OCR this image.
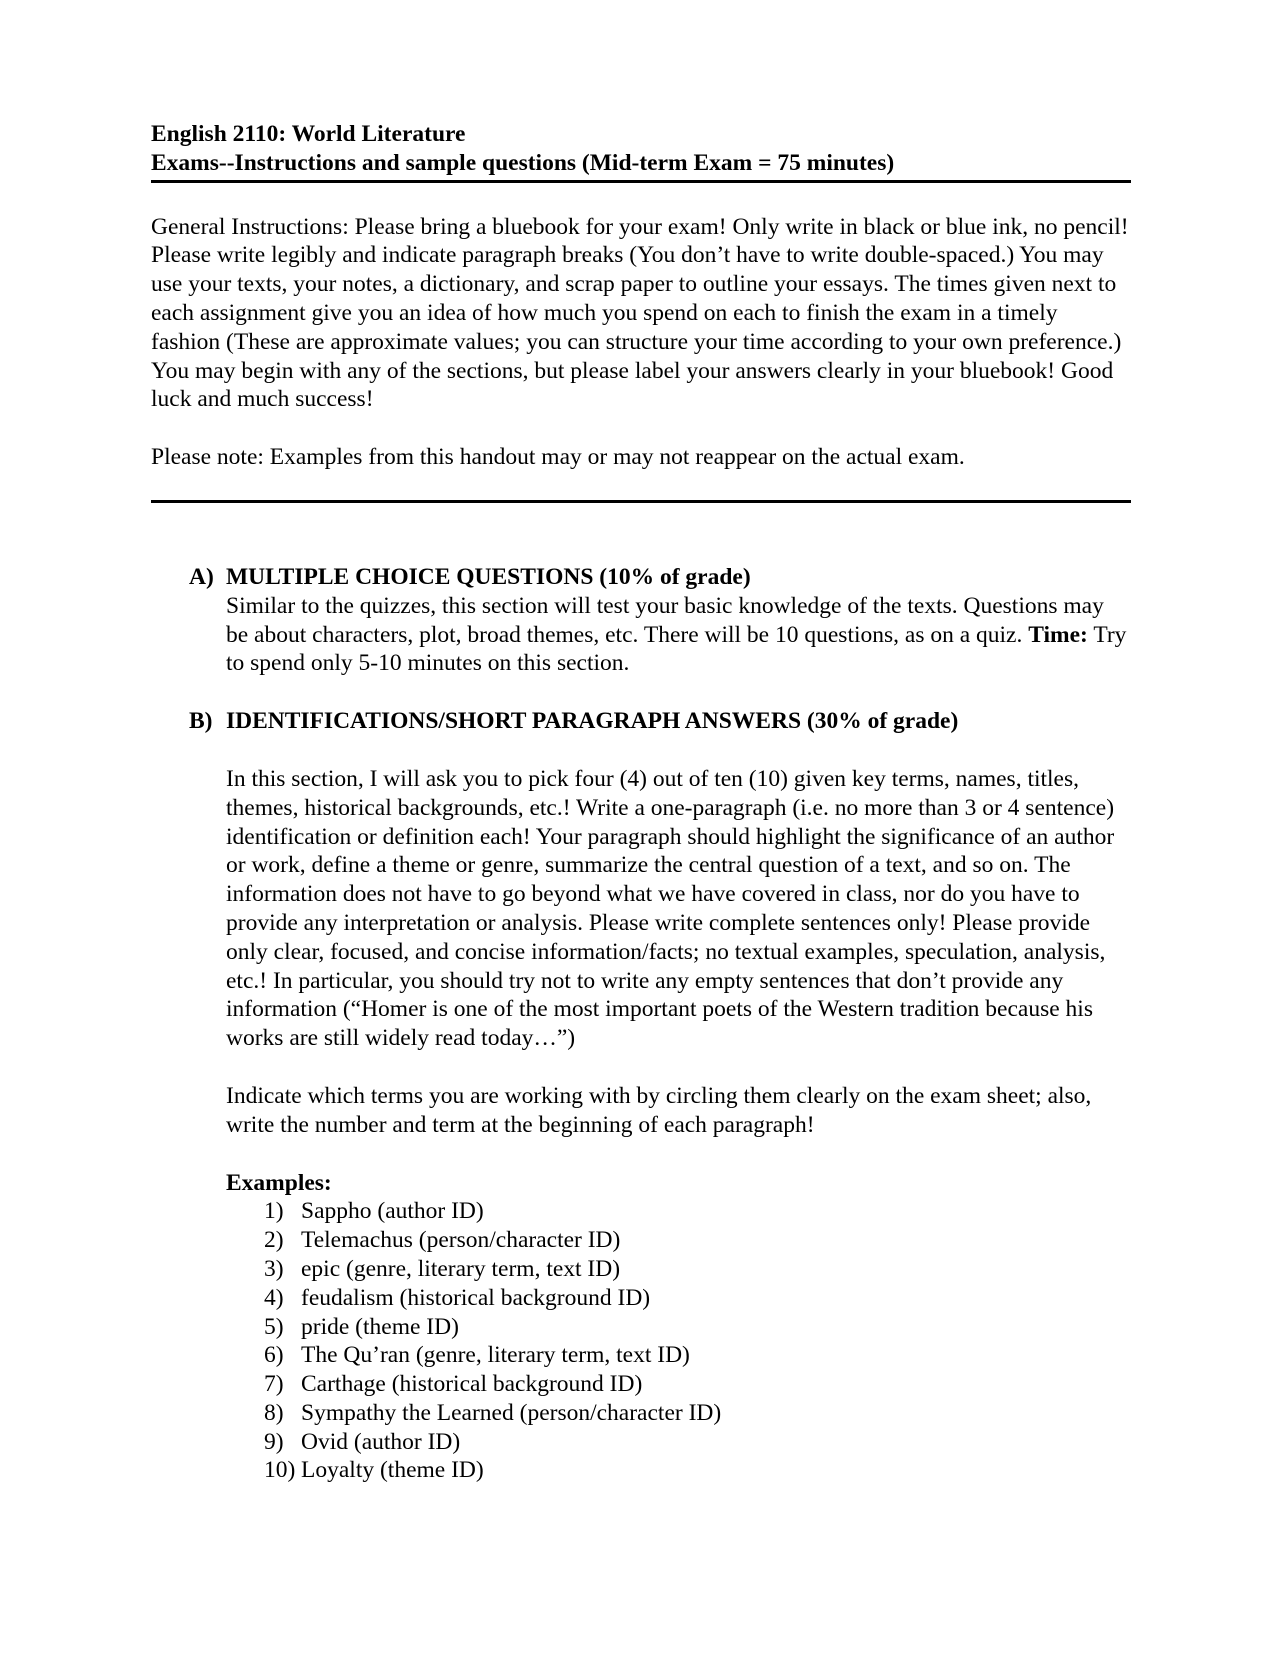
English 2110: World Literature

Exams--Instructions and sample questions (Mid-term Exam = 75 minutes)

General Instructions: Please bring a bluebook for your exam! Only write in black or blue ink, no pencil! Please write legibly and indicate paragraph breaks (You don’t have to write double-spaced.) You may use your texts, your notes, a dictionary, and scrap paper to outline your essays. The times given next to each assignment give you an idea of how much you spend on each to finish the exam in a timely fashion (These are approximate values; you can structure your time according to your own preference.) You may begin with any of the sections, but please label your answers clearly in your bluebook! Good luck and much success!

Please note: Examples from this handout may or may not reappear on the actual exam.

A) MULTIPLE CHOICE QUESTIONS (10% of grade)

Similar to the quizzes, this section will test your basic knowledge of the texts. Questions may be about characters, plot, broad themes, etc. There will be 10 questions, as on a quiz. Time: Try to spend only 5-10 minutes on this section.

B) IDENTIFICATIONS/SHORT PARAGRAPH ANSWERS (30% of grade)

In this section, I will ask you to pick four (4) out of ten (10) given key terms, names, titles, themes, historical backgrounds, etc.! Write a one-paragraph (i.e. no more than 3 or 4 sentence) identification or definition each! Your paragraph should highlight the significance of an author or work, define a theme or genre, summarize the central question of a text, and so on. The information does not have to go beyond what we have covered in class, nor do you have to provide any interpretation or analysis. Please write complete sentences only! Please provide only clear, focused, and concise information/facts; no textual examples, speculation, analysis, etc.! In particular, you should try not to write any empty sentences that don’t provide any information (“Homer is one of the most important poets of the Western tradition because his works are still widely read today…”)

Indicate which terms you are working with by circling them clearly on the exam sheet; also, write the number and term at the beginning of each paragraph!

Examples:

1) Sappho (author ID)
2) Telemachus (person/character ID)
3) epic (genre, literary term, text ID)
4) feudalism (historical background ID)
5) pride (theme ID)
6) The Qu’ran (genre, literary term, text ID)
7) Carthage (historical background ID)
8) Sympathy the Learned (person/character ID)
9) Ovid (author ID)
10) Loyalty (theme ID)
